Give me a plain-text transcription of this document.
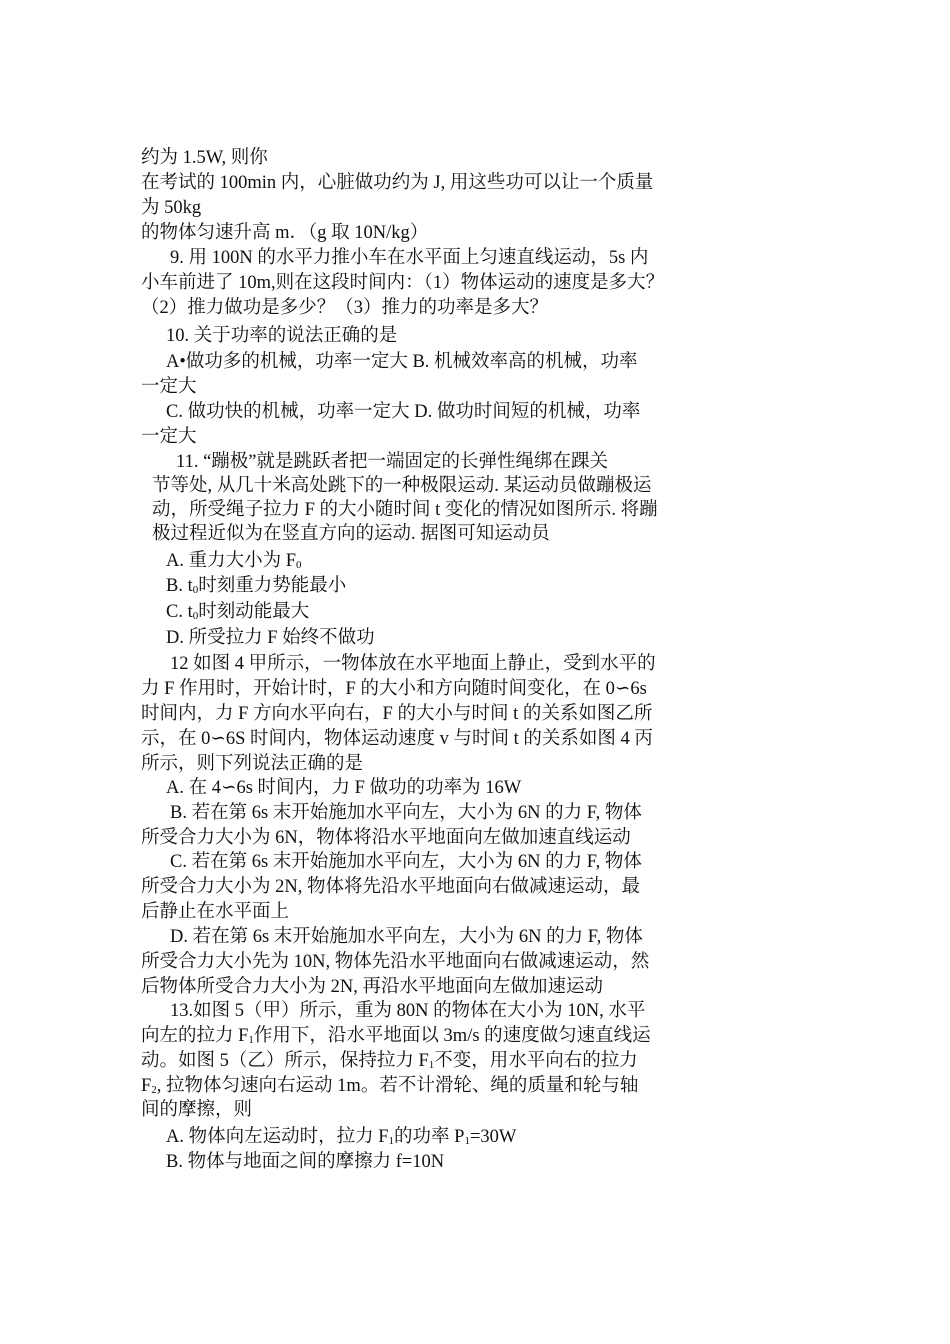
约为 1.5W, 则你
在考试的 100min 内，心脏做功约为 J, 用这些功可以让一个质量
为 50kg
的物体匀速升高 m．（g 取 10N/kg）
9. 用 100N 的水平力推小车在水平面上匀速直线运动，5s 内
小车前进了 10m,则在这段时间内：（1）物体运动的速度是多大？
（2）推力做功是多少？（3）推力的功率是多大？
10. 关于功率的说法正确的是
A•做功多的机械，功率一定大 B. 机械效率高的机械，功率
一定大
C. 做功快的机械，功率一定大 D. 做功时间短的机械，功率
一定大
11. “蹦极”就是跳跃者把一端固定的长弹性绳绑在踝关
节等处, 从几十米高处跳下的一种极限运动. 某运动员做蹦极运
动，所受绳子拉力 F 的大小随时间 t 变化的情况如图所示. 将蹦
极过程近似为在竖直方向的运动. 据图可知运动员
A. 重力大小为 $F_0$
B. $t_0$时刻重力势能最小
C. $t_0$时刻动能最大
D. 所受拉力 F 始终不做功
12 如图 4 甲所示，一物体放在水平地面上静止，受到水平的
力 F 作用时，开始计时，F 的大小和方向随时间变化，在 0∽6s
时间内，力 F 方向水平向右，F 的大小与时间 t 的关系如图乙所
示，在 0∽6S 时间内，物体运动速度 v 与时间 t 的关系如图 4 丙
所示，则下列说法正确的是
A. 在 4∽6s 时间内，力 F 做功的功率为 16W
B. 若在第 6s 末开始施加水平向左，大小为 6N 的力 F, 物体
所受合力大小为 6N，物体将沿水平地面向左做加速直线运动
C. 若在第 6s 末开始施加水平向左，大小为 6N 的力 F, 物体
所受合力大小为 2N, 物体将先沿水平地面向右做减速运动，最
后静止在水平面上
D. 若在第 6s 末开始施加水平向左，大小为 6N 的力 F, 物体
所受合力大小先为 10N, 物体先沿水平地面向右做减速运动，然
后物体所受合力大小为 2N, 再沿水平地面向左做加速运动
13.如图 5（甲）所示，重为 80N 的物体在大小为 10N, 水平
向左的拉力 $F_1$作用下，沿水平地面以 3m/s 的速度做匀速直线运
动。如图 5（乙）所示，保持拉力 $F_1$不变，用水平向右的拉力
$F_2$, 拉物体匀速向右运动 1m。若不计滑轮、绳的质量和轮与轴
间的摩擦，则
A. 物体向左运动时，拉力 $F_1$的功率 $P_1=30W$
B. 物体与地面之间的摩擦力 f=10N
